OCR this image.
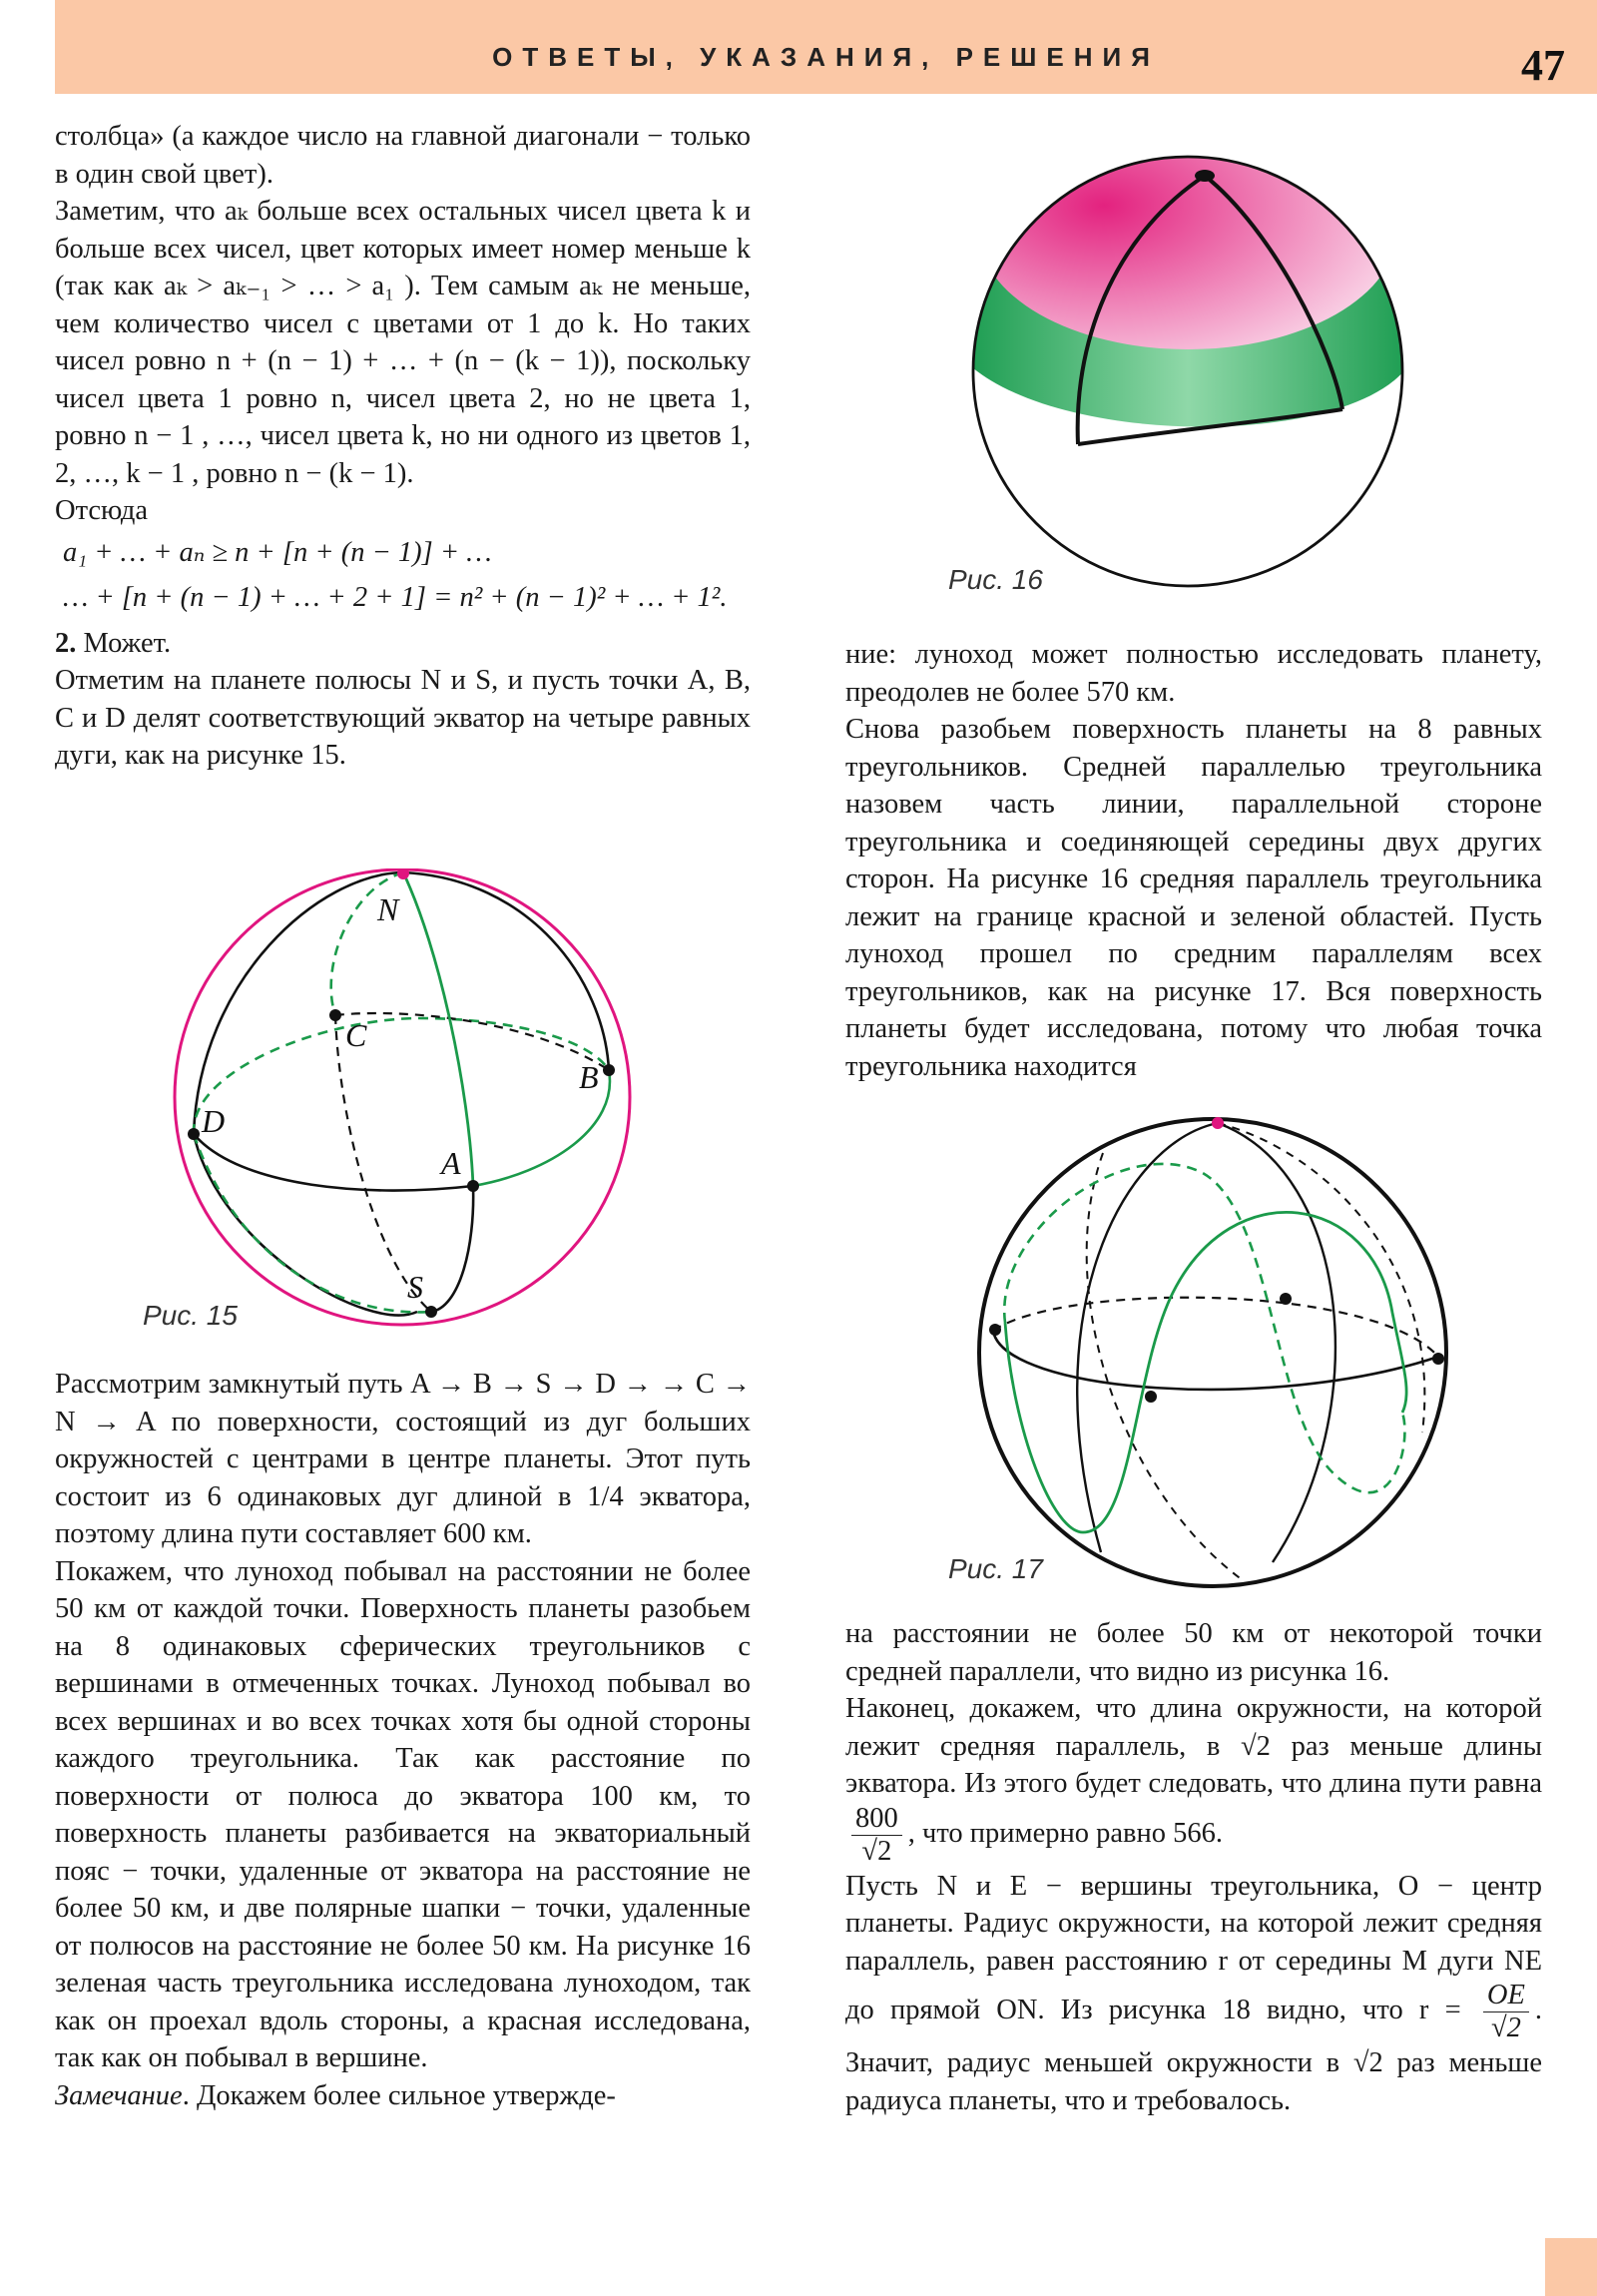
ОТВЕТЫ, УКАЗАНИЯ, РЕШЕНИЯ	47

столбца» (а каждое число на главной диагонали − только в один свой цвет).

Заметим, что aₖ больше всех остальных чисел цвета k и больше всех чисел, цвет которых имеет номер меньше k (так как aₖ > aₖ₋₁ > … > a₁ ). Тем самым aₖ не меньше, чем количество чисел с цветами от 1 до k. Но таких чисел ровно n + (n − 1) + … + (n − (k − 1)), поскольку чисел цвета 1 ровно n, чисел цвета 2, но не цвета 1, ровно n − 1 , …, чисел цвета k, но ни одного из цветов 1, 2, …, k − 1 , ровно n − (k − 1).

Отсюда

a₁ + … + aₙ ≥ n + [n + (n − 1)] + …
… + [n + (n − 1) + … + 2 + 1] = n² + (n − 1)² + … + 1².

2. Может.

Отметим на планете полюсы N и S, и пусть точки A, B, C и D делят соответствующий экватор на четыре равных дуги, как на рисунке 15.

N
C
B
D
A
S
Рис. 15

Рассмотрим замкнутый путь A → B → S → D → → C → N → A по поверхности, состоящий из дуг больших окружностей с центрами в центре планеты. Этот путь состоит из 6 одинаковых дуг длиной в 1/4 экватора, поэтому длина пути составляет 600 км.

Покажем, что луноход побывал на расстоянии не более 50 км от каждой точки. Поверхность планеты разобьем на 8 одинаковых сферических треугольников с вершинами в отмеченных точках. Луноход побывал во всех вершинах и во всех точках хотя бы одной стороны каждого треугольника. Так как расстояние по поверхности от полюса до экватора 100 км, то поверхность планеты разбивается на экваториальный пояс − точки, удаленные от экватора на расстояние не более 50 км, и две полярные шапки − точки, удаленные от полюсов на расстояние не более 50 км. На рисунке 16 зеленая часть треугольника исследована луноходом, так как он проехал вдоль стороны, а красная исследована, так как он побывал в вершине.

Замечание. Докажем более сильное утвержде-

Рис. 16

ние: луноход может полностью исследовать планету, преодолев не более 570 км.

Снова разобьем поверхность планеты на 8 равных треугольников. Средней параллелью треугольника назовем часть линии, параллельной стороне треугольника и соединяющей середины двух других сторон. На рисунке 16 средняя параллель треугольника лежит на границе красной и зеленой областей. Пусть луноход прошел по средним параллелям всех треугольников, как на рисунке 17. Вся поверхность планеты будет исследована, потому что любая точка треугольника находится

Рис. 17

на расстоянии не более 50 км от некоторой точки средней параллели, что видно из рисунка 16.

Наконец, докажем, что длина окружности, на которой лежит средняя параллель, в √2 раз меньше длины экватора. Из этого будет следовать, что длина пути равна
$\frac{800}{√2}$ , что примерно равно 566.

Пусть N и E − вершины треугольника, O − центр планеты. Радиус окружности, на которой лежит средняя параллель, равен расстоянию r от середины M дуги NE до прямой ON. Из рисунка 18 видно, что $r = \frac{OE}{√2}$ . Значит, радиус меньшей окружности в √2 раз меньше радиуса планеты, что и требовалось.
